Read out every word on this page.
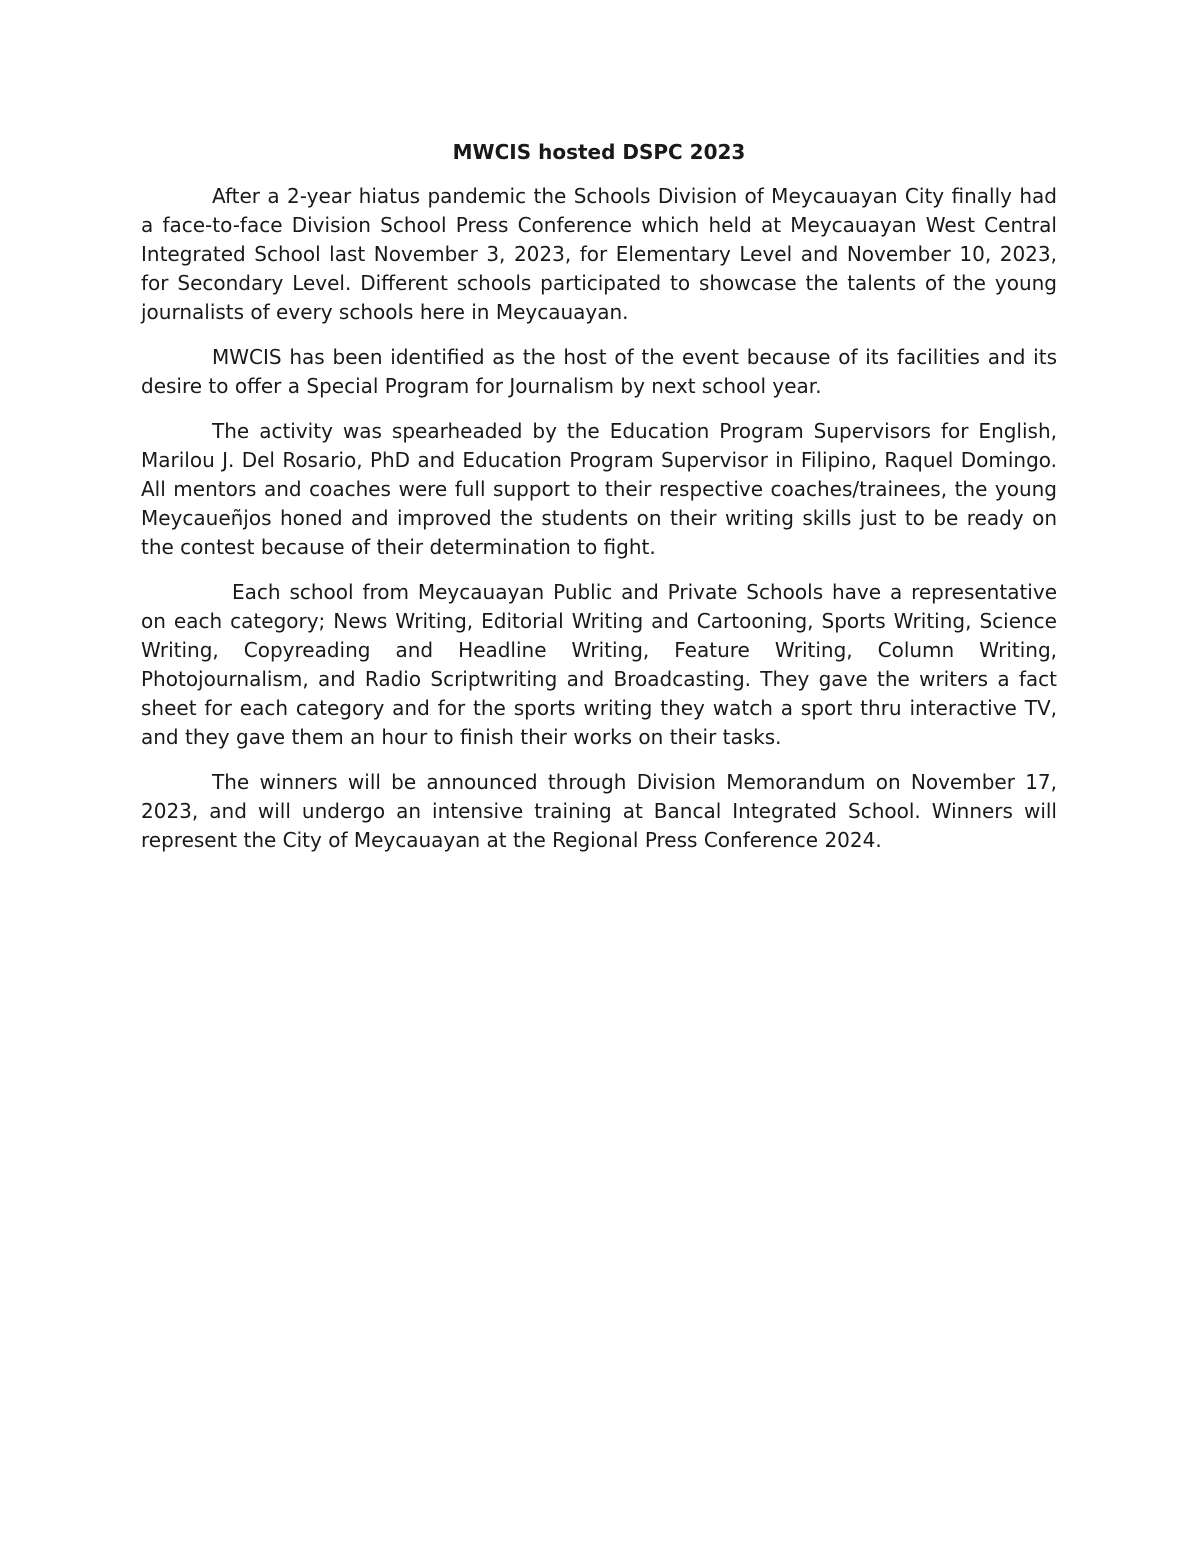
MWCIS hosted DSPC 2023

After a 2-year hiatus pandemic the Schools Division of Meycauayan City finally had a face-to-face Division School Press Conference which held at Meycauayan West Central Integrated School last November 3, 2023, for Elementary Level and November 10, 2023, for Secondary Level. Different schools participated to showcase the talents of the young journalists of every schools here in Meycauayan.

MWCIS has been identified as the host of the event because of its facilities and its desire to offer a Special Program for Journalism by next school year.

The activity was spearheaded by the Education Program Supervisors for English, Marilou J. Del Rosario, PhD and Education Program Supervisor in Filipino, Raquel Domingo. All mentors and coaches were full support to their respective coaches/trainees, the young Meycaueñjos honed and improved the students on their writing skills just to be ready on the contest because of their determination to fight.

Each school from Meycauayan Public and Private Schools have a representative on each category; News Writing, Editorial Writing and Cartooning, Sports Writing, Science Writing, Copyreading and Headline Writing, Feature Writing, Column Writing, Photojournalism, and Radio Scriptwriting and Broadcasting. They gave the writers a fact sheet for each category and for the sports writing they watch a sport thru interactive TV, and they gave them an hour to finish their works on their tasks.

The winners will be announced through Division Memorandum on November 17, 2023, and will undergo an intensive training at Bancal Integrated School. Winners will represent the City of Meycauayan at the Regional Press Conference 2024.
